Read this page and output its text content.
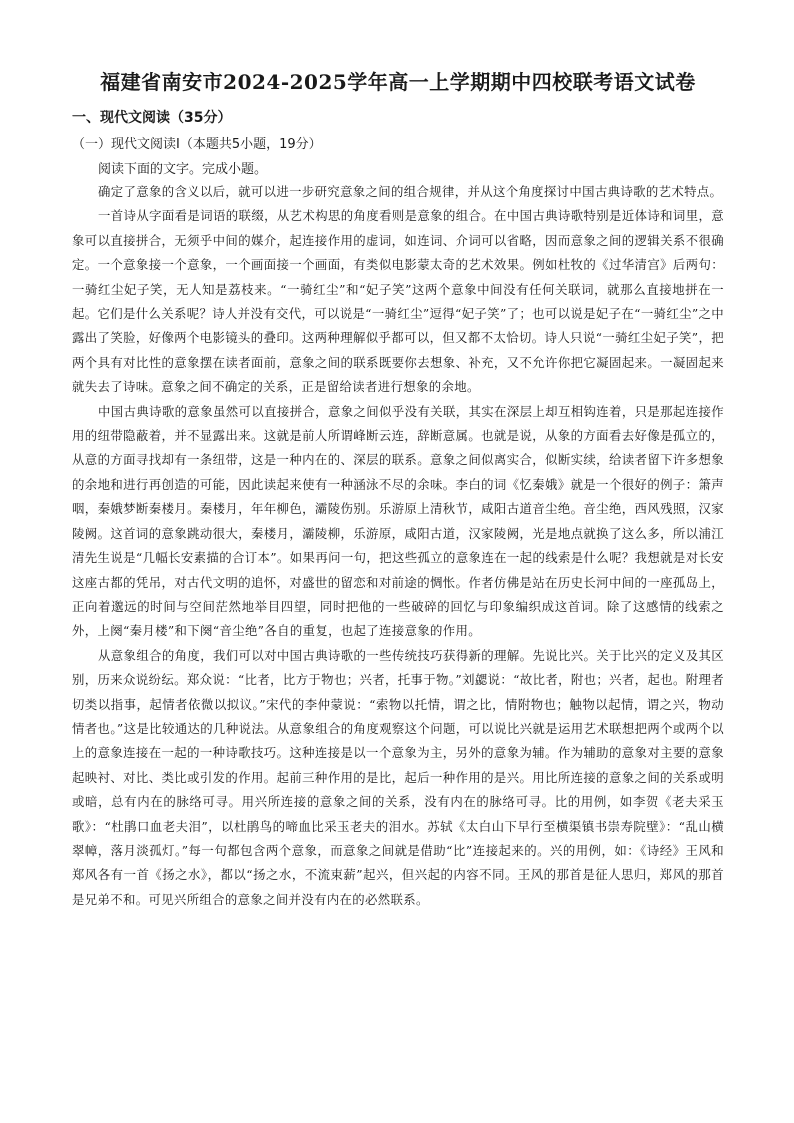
福建省南安市2024-2025学年高一上学期期中四校联考语文试卷
一、现代文阅读（35分）
（一）现代文阅读Ⅰ（本题共5小题，19分）
阅读下面的文字。完成小题。

确定了意象的含义以后，就可以进一步研究意象之间的组合规律，并从这个角度探讨中国古典诗歌的艺术特点。

一首诗从字面看是词语的联缀，从艺术构思的角度看则是意象的组合。在中国古典诗歌特别是近体诗和词里，意象可以直接拼合，无须乎中间的媒介，起连接作用的虚词，如连词、介词可以省略，因而意象之间的逻辑关系不很确定。一个意象接一个意象，一个画面接一个画面，有类似电影蒙太奇的艺术效果。例如杜牧的《过华清宫》后两句：一骑红尘妃子笑，无人知是荔枝来。“一骑红尘”和“妃子笑”这两个意象中间没有任何关联词，就那么直接地拼在一起。它们是什么关系呢？诗人并没有交代，可以说是“一骑红尘”逗得“妃子笑”了；也可以说是妃子在“一骑红尘”之中露出了笑脸，好像两个电影镜头的叠印。这两种理解似乎都可以，但又都不太恰切。诗人只说“一骑红尘妃子笑”，把两个具有对比性的意象摆在读者面前，意象之间的联系既要你去想象、补充，又不允许你把它凝固起来。一凝固起来就失去了诗味。意象之间不确定的关系，正是留给读者进行想象的余地。

中国古典诗歌的意象虽然可以直接拼合，意象之间似乎没有关联，其实在深层上却互相钩连着，只是那起连接作用的纽带隐蔽着，并不显露出来。这就是前人所谓峰断云连，辞断意属。也就是说，从象的方面看去好像是孤立的，从意的方面寻找却有一条纽带，这是一种内在的、深层的联系。意象之间似离实合，似断实续，给读者留下许多想象的余地和进行再创造的可能，因此读起来使有一种涵泳不尽的余味。李白的词《忆秦娥》就是一个很好的例子：箫声咽，秦娥梦断秦楼月。秦楼月，年年柳色，灞陵伤别。乐游原上清秋节，咸阳古道音尘绝。音尘绝，西风残照，汉家陵阙。这首词的意象跳动很大，秦楼月，灞陵柳，乐游原，咸阳古道，汉家陵阙，光是地点就换了这么多，所以浦江清先生说是“几幅长安素描的合订本”。如果再问一句，把这些孤立的意象连在一起的线索是什么呢？我想就是对长安这座古都的凭吊，对古代文明的追怀，对盛世的留恋和对前途的惆怅。作者仿佛是站在历史长河中间的一座孤岛上，正向着邈远的时间与空间茫然地举目四望，同时把他的一些破碎的回忆与印象编织成这首词。除了这感情的线索之外，上阕“秦月楼”和下阕“音尘绝”各自的重复，也起了连接意象的作用。

从意象组合的角度，我们可以对中国古典诗歌的一些传统技巧获得新的理解。先说比兴。关于比兴的定义及其区别，历来众说纷纭。郑众说：“比者，比方于物也；兴者，托事于物。”刘勰说：“故比者，附也；兴者，起也。附理者切类以指事，起情者依微以拟议。”宋代的李仲蒙说：“索物以托情，谓之比，情附物也；触物以起情，谓之兴，物动情者也。”这是比较通达的几种说法。从意象组合的角度观察这个问题，可以说比兴就是运用艺术联想把两个或两个以上的意象连接在一起的一种诗歌技巧。这种连接是以一个意象为主，另外的意象为辅。作为辅助的意象对主要的意象起映衬、对比、类比或引发的作用。起前三种作用的是比，起后一种作用的是兴。用比所连接的意象之间的关系或明或暗，总有内在的脉络可寻。用兴所连接的意象之间的关系，没有内在的脉络可寻。比的用例，如李贺《老夫采玉歌》：“杜鹃口血老夫泪”，以杜鹃鸟的啼血比采玉老夫的泪水。苏轼《太白山下早行至横渠镇书崇寿院壁》：“乱山横翠幛，落月淡孤灯。”每一句都包含两个意象，而意象之间就是借助“比”连接起来的。兴的用例，如：《诗经》王风和郑风各有一首《扬之水》，都以“扬之水，不流束薪”起兴，但兴起的内容不同。王风的那首是征人思归，郑风的那首是兄弟不和。可见兴所组合的意象之间并没有内在的必然联系。
